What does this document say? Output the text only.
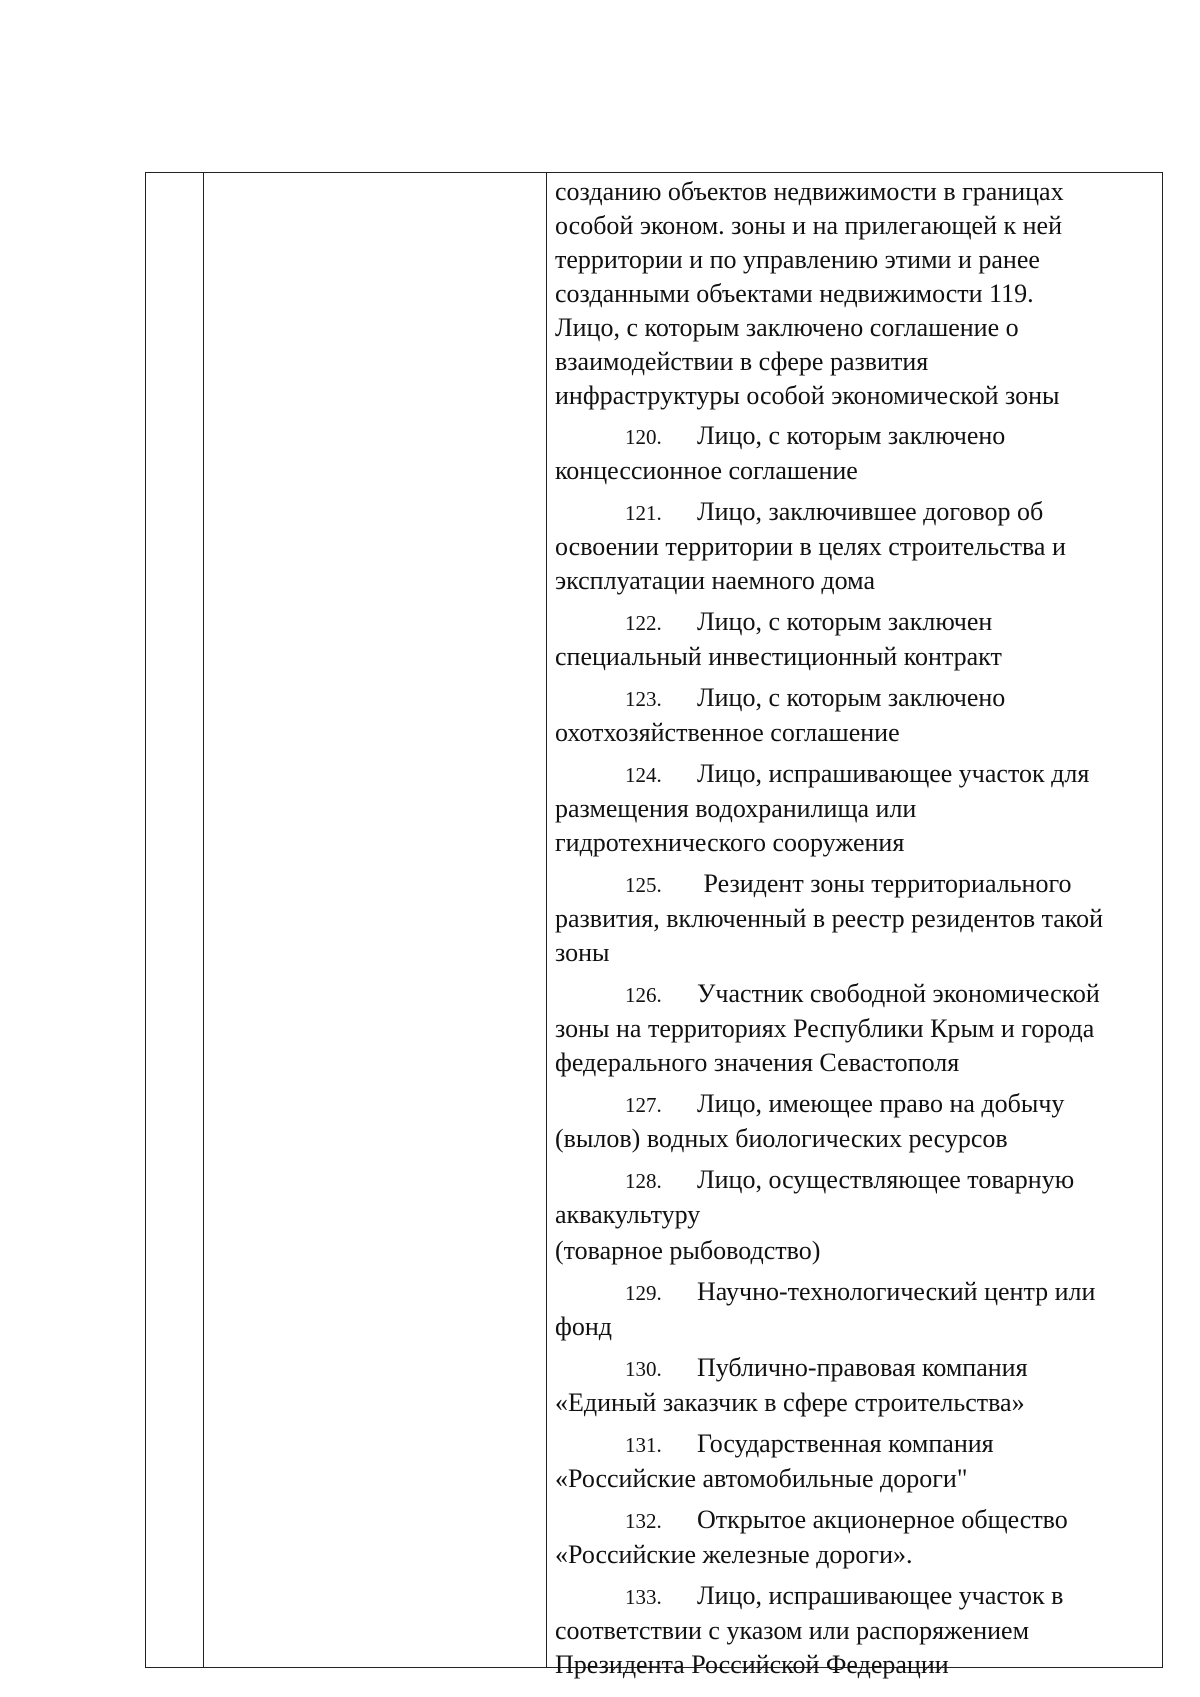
созданию объектов недвижимости в границах
особой эконом. зоны и на прилегающей к ней
территории и по управлению этими и ранее
созданными объектами недвижимости 119.
Лицо, с которым заключено соглашение о
взаимодействии в сфере развития
инфраструктуры особой экономической зоны
120. Лицо, с которым заключено
концессионное соглашение
121. Лицо, заключившее договор об
освоении территории в целях строительства и
эксплуатации наемного дома
122. Лицо, с которым заключен
специальный инвестиционный контракт
123. Лицо, с которым заключено
охотхозяйственное соглашение
124. Лицо, испрашивающее участок для
размещения водохранилища или
гидротехнического сооружения
125. Резидент зоны территориального
развития, включенный в реестр резидентов такой
зоны
126. Участник свободной экономической
зоны на территориях Республики Крым и города
федерального значения Севастополя
127. Лицо, имеющее право на добычу
(вылов) водных биологических ресурсов
128. Лицо, осуществляющее товарную
аквакультуру
(товарное рыбоводство)
129. Научно-технологический центр или
фонд
130. Публично-правовая компания
«Единый заказчик в сфере строительства»
131. Государственная компания
«Российские автомобильные дороги"
132. Открытое акционерное общество
«Российские железные дороги».
133. Лицо, испрашивающее участок в
соответствии с указом или распоряжением
Президента Российской Федерации
